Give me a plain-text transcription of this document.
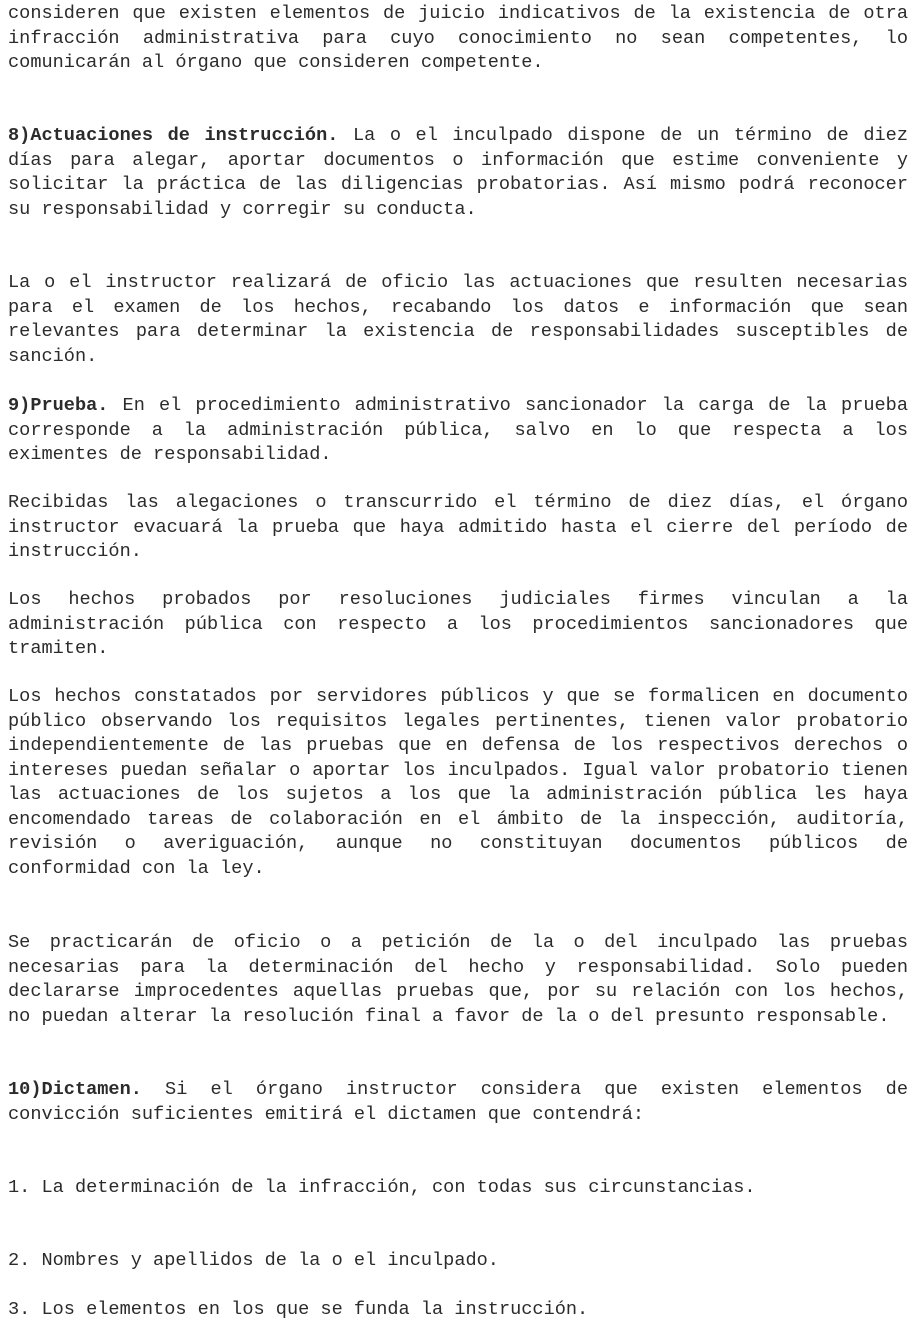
consideren que existen elementos de juicio indicativos de la existencia de otra infracción administrativa para cuyo conocimiento no sean competentes, lo comunicarán al órgano que consideren competente.

8)Actuaciones de instrucción. La o el inculpado dispone de un término de diez días para alegar, aportar documentos o información que estime conveniente y solicitar la práctica de las diligencias probatorias. Así mismo podrá reconocer su responsabilidad y corregir su conducta.

La o el instructor realizará de oficio las actuaciones que resulten necesarias para el examen de los hechos, recabando los datos e información que sean relevantes para determinar la existencia de responsabilidades susceptibles de sanción.

9)Prueba. En el procedimiento administrativo sancionador la carga de la prueba corresponde a la administración pública, salvo en lo que respecta a los eximentes de responsabilidad.

Recibidas las alegaciones o transcurrido el término de diez días, el órgano instructor evacuará la prueba que haya admitido hasta el cierre del período de instrucción.

Los hechos probados por resoluciones judiciales firmes vinculan a la administración pública con respecto a los procedimientos sancionadores que tramiten.

Los hechos constatados por servidores públicos y que se formalicen en documento público observando los requisitos legales pertinentes, tienen valor probatorio independientemente de las pruebas que en defensa de los respectivos derechos o intereses puedan señalar o aportar los inculpados. Igual valor probatorio tienen las actuaciones de los sujetos a los que la administración pública les haya encomendado tareas de colaboración en el ámbito de la inspección, auditoría, revisión o averiguación, aunque no constituyan documentos públicos de conformidad con la ley.

Se practicarán de oficio o a petición de la o del inculpado las pruebas necesarias para la determinación del hecho y responsabilidad. Solo pueden declararse improcedentes aquellas pruebas que, por su relación con los hechos, no puedan alterar la resolución final a favor de la o del presunto responsable.

10)Dictamen. Si el órgano instructor considera que existen elementos de convicción suficientes emitirá el dictamen que contendrá:

1. La determinación de la infracción, con todas sus circunstancias.

2. Nombres y apellidos de la o el inculpado.

3. Los elementos en los que se funda la instrucción.
